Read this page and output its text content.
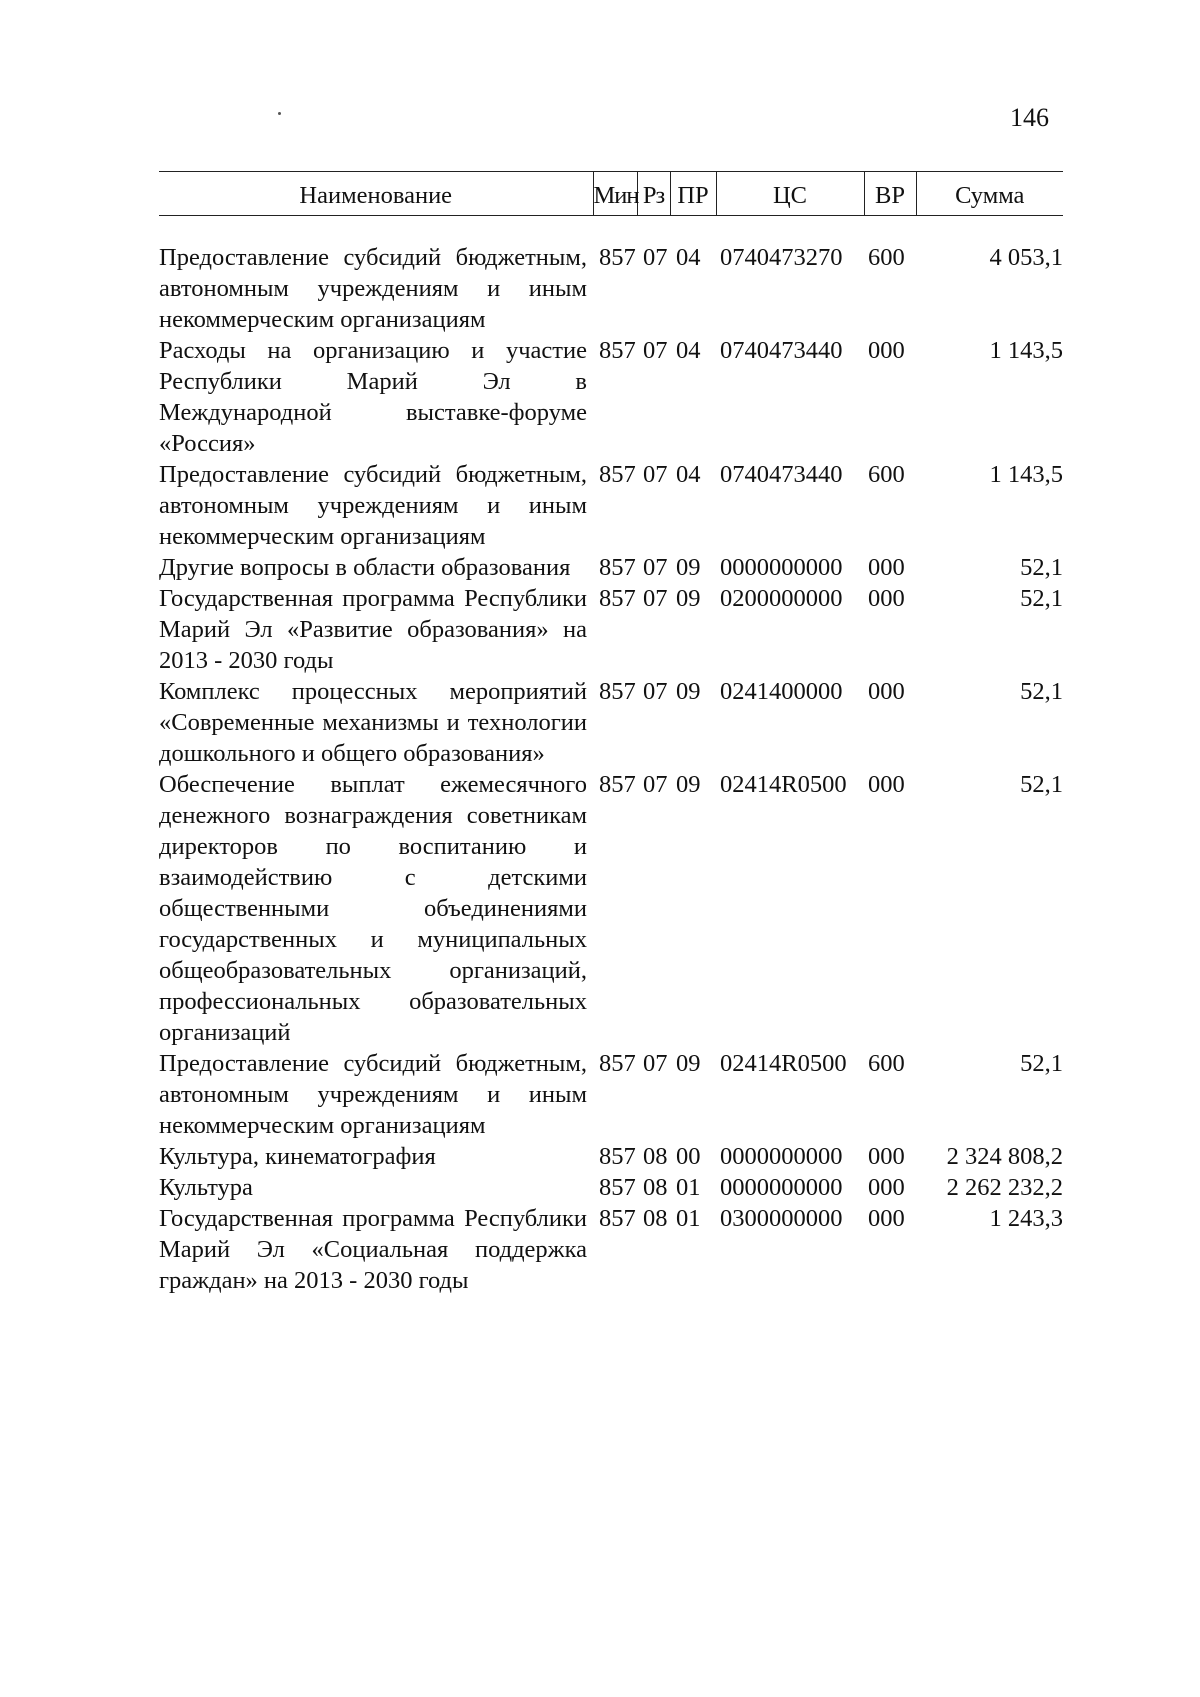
146
Наименование	Мин	Рз	ПР	ЦС	ВР	Сумма

Предоставление субсидий бюджетным, автономным учреждениям и иным некоммерческим организациям	857	07	04	0740473270	600	4 053,1
Расходы на организацию и участие Республики Марий Эл в Международной выставке-форуме «Россия»	857	07	04	0740473440	000	1 143,5
Предоставление субсидий бюджетным, автономным учреждениям и иным некоммерческим организациям	857	07	04	0740473440	600	1 143,5
Другие вопросы в области образования	857	07	09	0000000000	000	52,1
Государственная программа Республики Марий Эл «Развитие образования» на 2013 - 2030 годы	857	07	09	0200000000	000	52,1
Комплекс процессных мероприятий «Современные механизмы и технологии дошкольного и общего образования»	857	07	09	0241400000	000	52,1
Обеспечение выплат ежемесячного денежного вознаграждения советникам директоров по воспитанию и взаимодействию с детскими общественными объединениями государственных и муниципальных общеобразовательных организаций, профессиональных образовательных организаций	857	07	09	02414R0500	000	52,1
Предоставление субсидий бюджетным, автономным учреждениям и иным некоммерческим организациям	857	07	09	02414R0500	600	52,1
Культура, кинематография	857	08	00	0000000000	000	2 324 808,2
Культура	857	08	01	0000000000	000	2 262 232,2
Государственная программа Республики Марий Эл «Социальная поддержка граждан» на 2013 - 2030 годы	857	08	01	0300000000	000	1 243,3
